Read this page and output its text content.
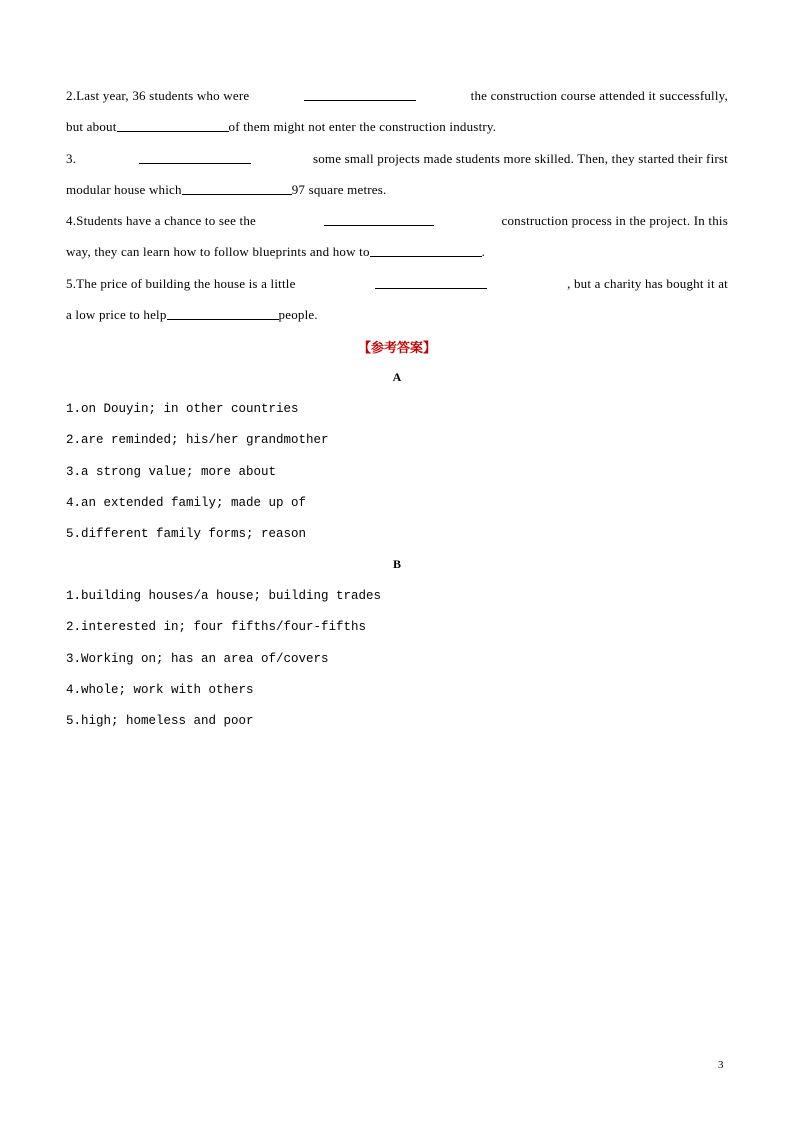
2.Last year, 36 students who were	the construction course attended it successfully,
but about	of them might not enter the construction industry.
3.	some small projects made students more skilled. Then, they started their first
modular house which	97 square metres.
4.Students have a chance to see the	construction process in the project. In this
way, they can learn how to follow blueprints and how to	.
5.The price of building the house is a little	, but a charity has bought it at
a low price to help	people.
【参考答案】
A
1.on Douyin; in other countries
2.are reminded; his/her grandmother
3.a strong value; more about
4.an extended family; made up of
5.different family forms; reason
B
1.building houses/a house; building trades
2.interested in; four fifths/four-fifths
3.Working on; has an area of/covers
4.whole; work with others
5.high; homeless and poor
3
